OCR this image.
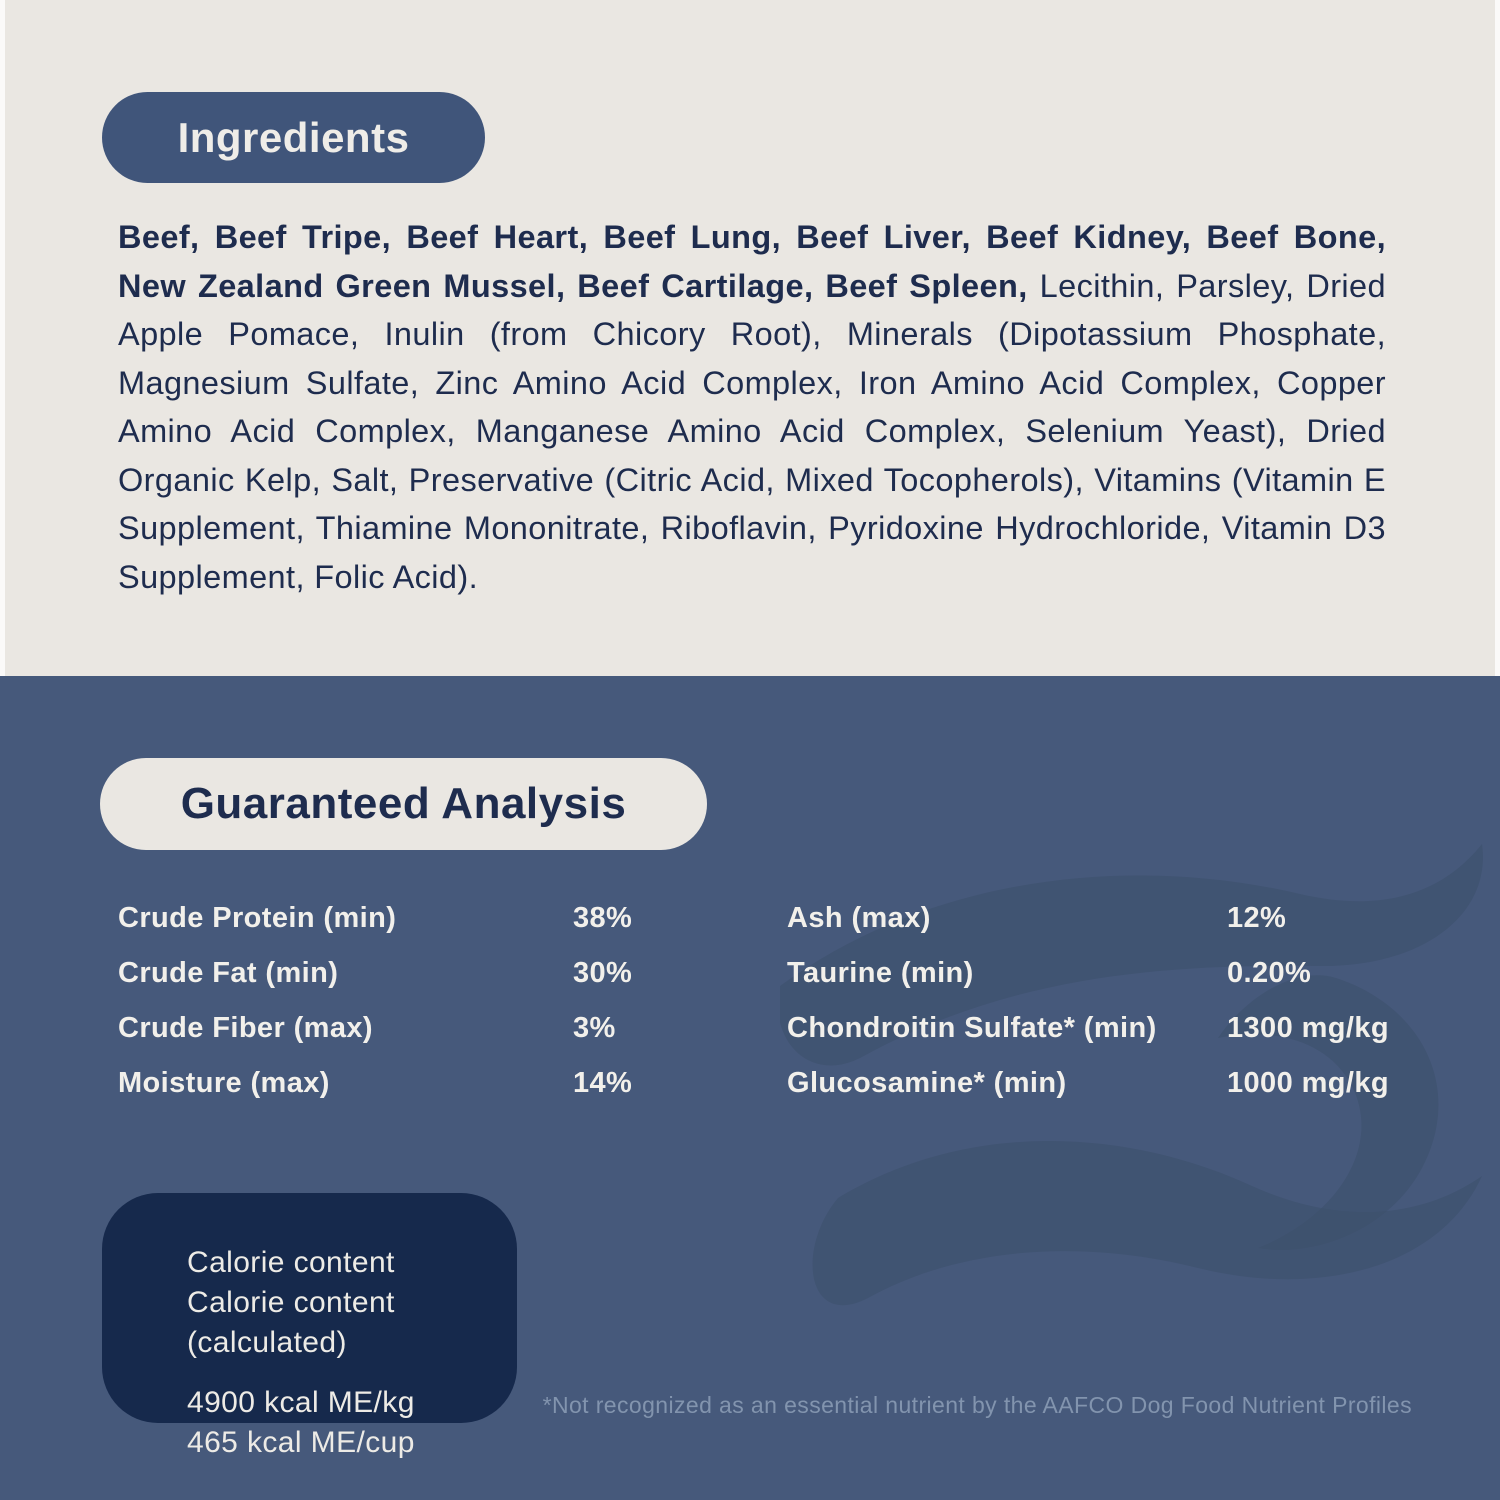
Ingredients

Beef, Beef Tripe, Beef Heart, Beef Lung, Beef Liver, Beef Kidney, Beef Bone, New Zealand Green Mussel, Beef Cartilage, Beef Spleen, Lecithin, Parsley, Dried Apple Pomace, Inulin (from Chicory Root), Minerals (Dipotassium Phosphate, Magnesium Sulfate, Zinc Amino Acid Complex, Iron Amino Acid Complex, Copper Amino Acid Complex, Manganese Amino Acid Complex, Selenium Yeast), Dried Organic Kelp, Salt, Preservative (Citric Acid, Mixed Tocopherols), Vitamins (Vitamin E Supplement, Thiamine Mononitrate, Riboflavin, Pyridoxine Hydrochloride, Vitamin D3 Supplement, Folic Acid).

Guaranteed Analysis
Crude Protein (min)	38%	Ash (max)	12%
Crude Fat (min)	30%	Taurine (min)	0.20%
Crude Fiber (max)	3%	Chondroitin Sulfate* (min)	1300 mg/kg
Moisture (max)	14%	Glucosamine* (min)	1000 mg/kg
Calorie content
Calorie content (calculated)
4900 kcal ME/kg
465 kcal ME/cup
*Not recognized as an essential nutrient by the AAFCO Dog Food Nutrient Profiles
